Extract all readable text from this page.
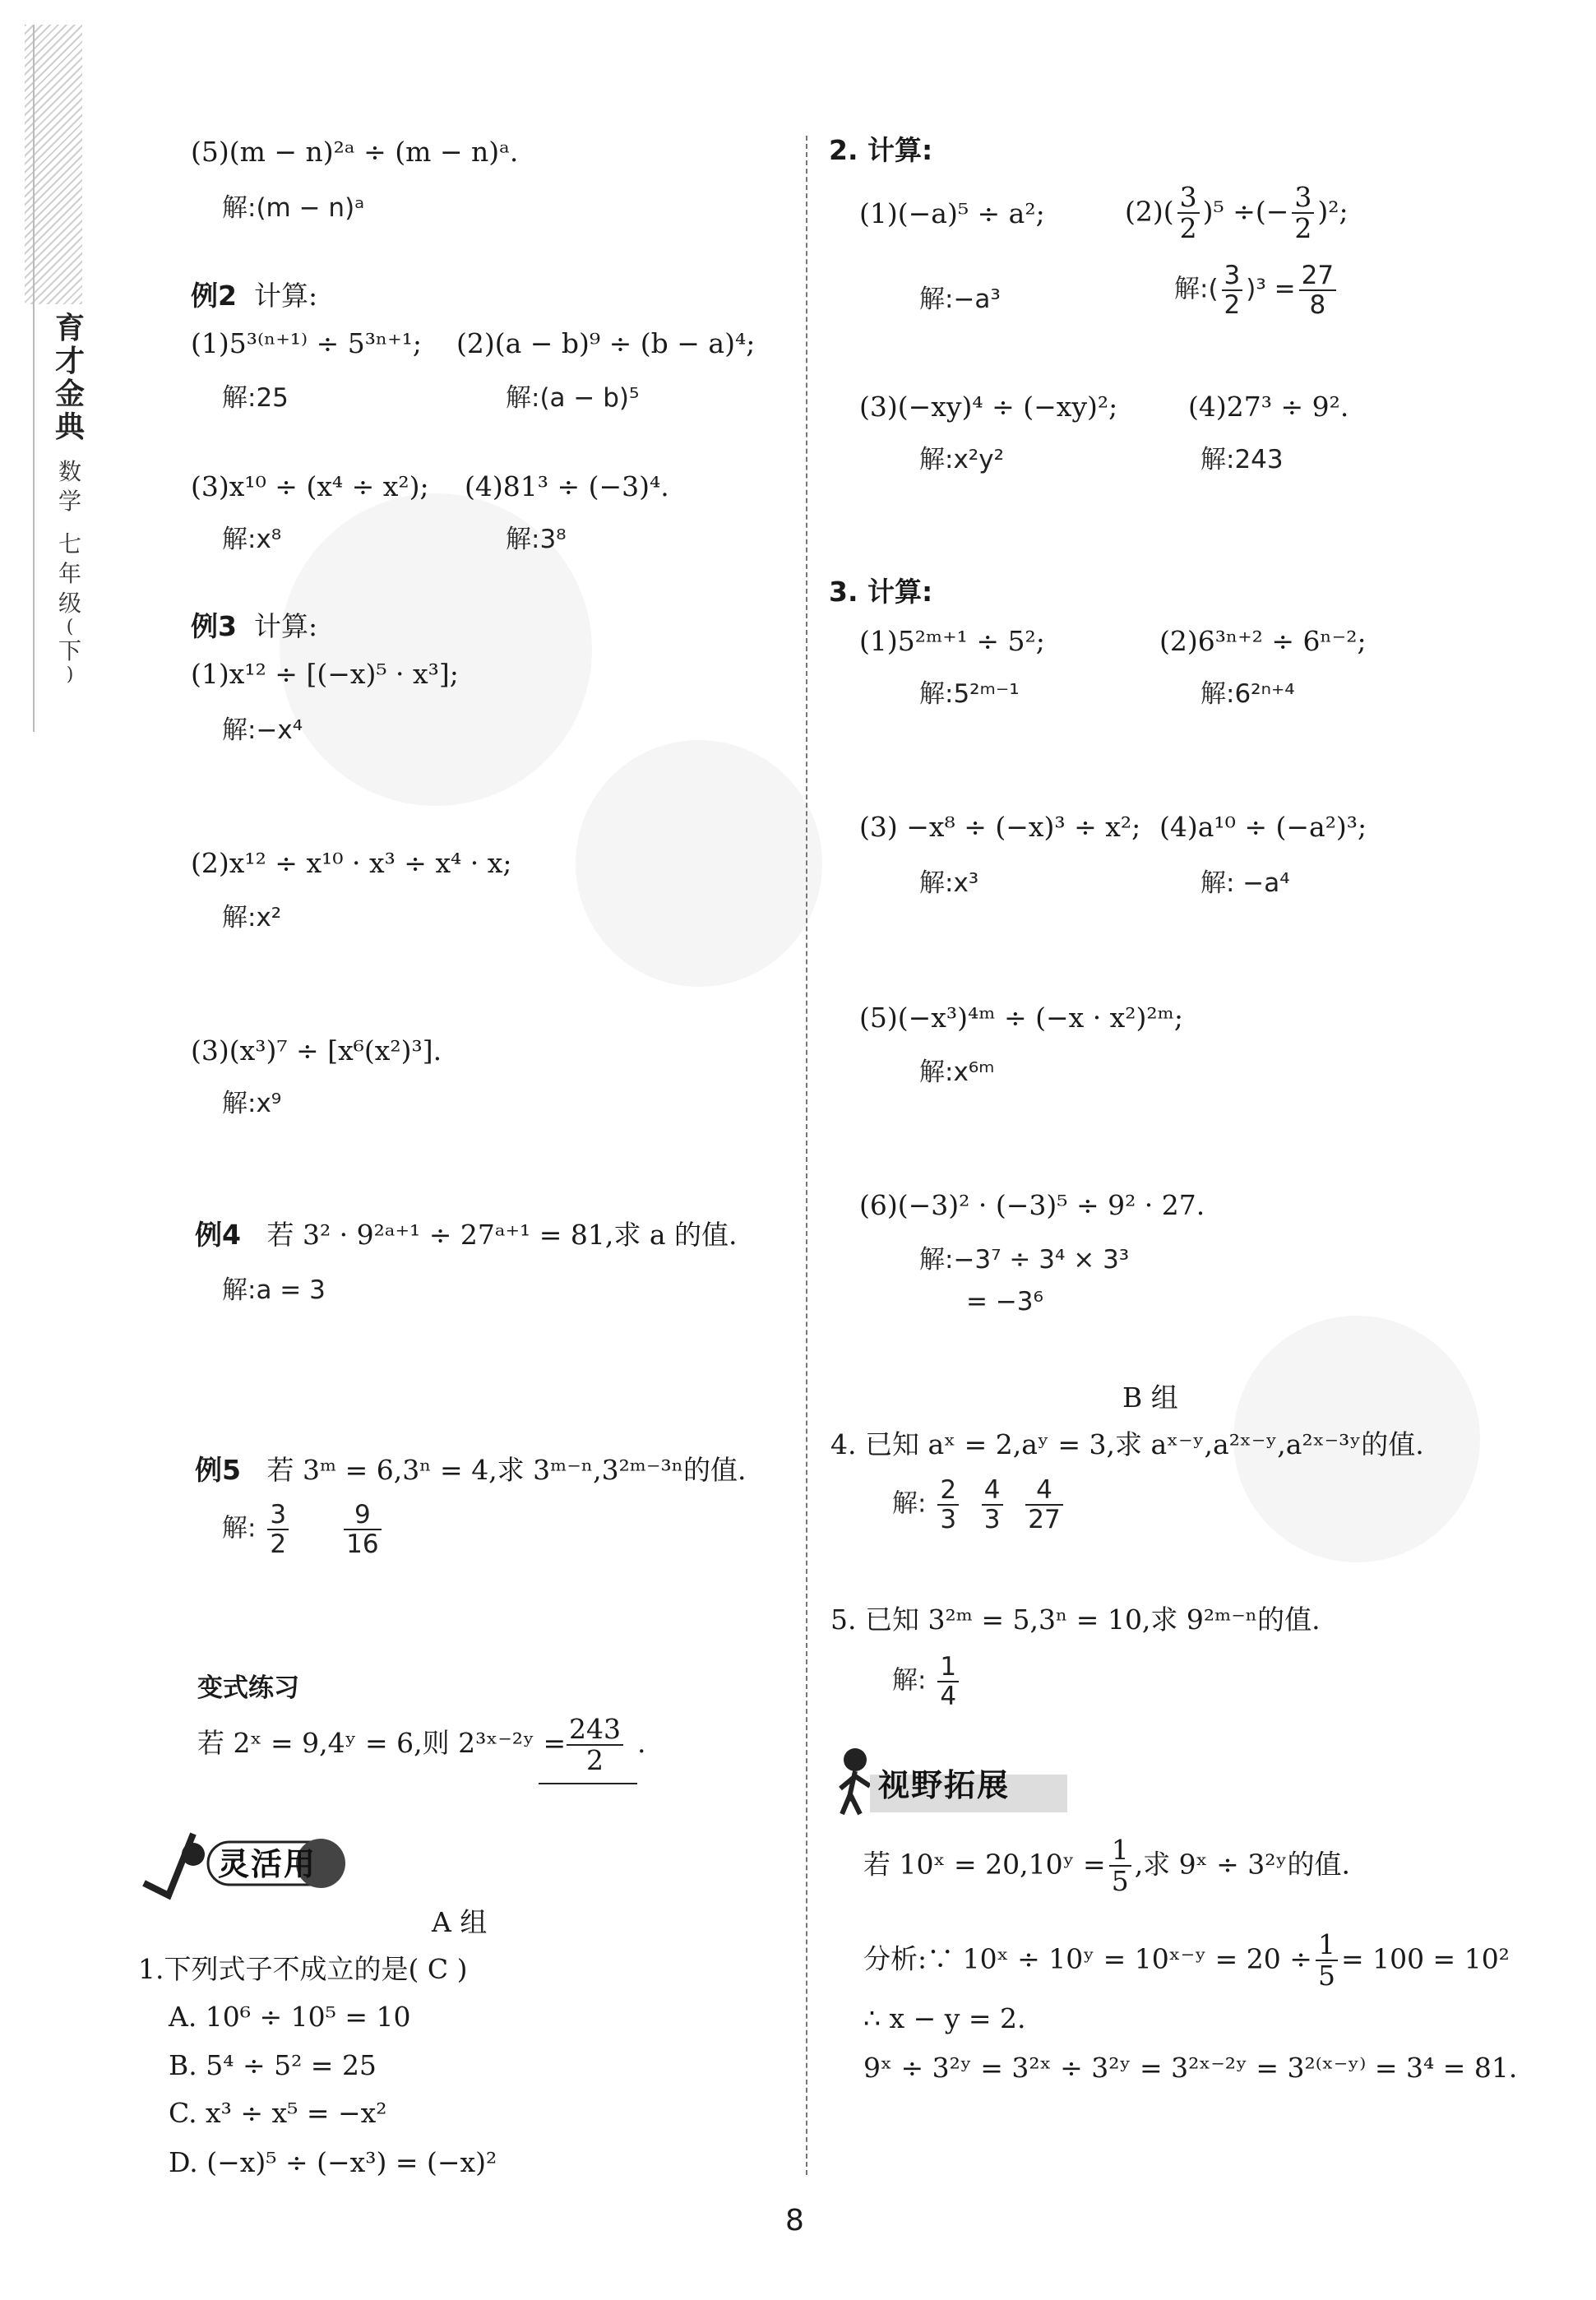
育
才
金
典
数
学
七
年
级
(
下
)
(5)(m − n)²ᵃ ÷ (m − n)ᵃ.
解:(m − n)ᵃ
例2 计算:
(1)5³⁽ⁿ⁺¹⁾ ÷ 5³ⁿ⁺¹; (2)(a − b)⁹ ÷ (b − a)⁴;
解:25	解:(a − b)⁵
(3)x¹⁰ ÷ (x⁴ ÷ x²); (4)81³ ÷ (−3)⁴.
解:x⁸	解:3⁸
例3 计算:
(1)x¹² ÷ [(−x)⁵ · x³];
解:−x⁴
(2)x¹² ÷ x¹⁰ · x³ ÷ x⁴ · x;
解:x²
(3)(x³)⁷ ÷ [x⁶(x²)³].
解:x⁹
例4 若 3² · 9²ᵃ⁺¹ ÷ 27ᵃ⁺¹ = 81,求 a 的值.
解:a = 3
例5 若 3ᵐ = 6,3ⁿ = 4,求 3ᵐ⁻ⁿ,3²ᵐ⁻³ⁿ的值.
解: $\frac{3}{2}$
$\frac{9}{16}$
变式练习
若 2ˣ = 9,4ʸ = 6,则 2³ˣ⁻²ʸ = $\frac{243}{2}$ .
灵活用
A 组
1.下列式子不成立的是( C )
A. 10⁶ ÷ 10⁵ = 10
B. 5⁴ ÷ 5² = 25
C. x³ ÷ x⁵ = −x²
D. (−x)⁵ ÷ (−x³) = (−x)²
2. 计算:
(1)(−a)⁵ ÷ a²;	$(2)( \frac{3}{2} )^5$ ÷(− $\frac{3}{2} )^2$;
解:−a³	解:( $\frac{3}{2} )^3 = \frac{27}{8}$
(3)(−xy)⁴ ÷ (−xy)²;	(4)27³ ÷ 9².
解:x²y²	解:243
3. 计算:
(1)5²ᵐ⁺¹ ÷ 5²;	(2)6³ⁿ⁺² ÷ 6ⁿ⁻²;
解:5²ᵐ⁻¹	解:6²ⁿ⁺⁴
(3) −x⁸ ÷ (−x)³ ÷ x²; (4)a¹⁰ ÷ (−a²)³;
解:x³	解: −a⁴
(5)(−x³)⁴ᵐ ÷ (−x · x²)²ᵐ;
解:x⁶ᵐ
(6)(−3)² · (−3)⁵ ÷ 9² · 27.
解:−3⁷ ÷ 3⁴ × 3³
= −3⁶
B 组
4. 已知 aˣ = 2,aʸ = 3,求 aˣ⁻ʸ,a²ˣ⁻ʸ,a²ˣ⁻³ʸ的值.
解: $\frac{2}{3}$
$\frac{4}{3}$
$\frac{4}{27}$
5. 已知 3²ᵐ = 5,3ⁿ = 10,求 9²ᵐ⁻ⁿ的值.
解: $\frac{1}{4}$
视野拓展
若 10ˣ = 20,10ʸ = $\frac{1}{5}$ ,求 9ˣ ÷ 3²ʸ的值.
分析:∵ 10ˣ ÷ 10ʸ = 10ˣ⁻ʸ = $20 \div \frac{1}{5} = 100 = 10^2$
∴ x − y = 2.
9ˣ ÷ 3²ʸ = 3²ˣ ÷ 3²ʸ = 3²ˣ⁻²ʸ = 3²⁽ˣ⁻ʸ⁾ = 3⁴ = 81.
8
